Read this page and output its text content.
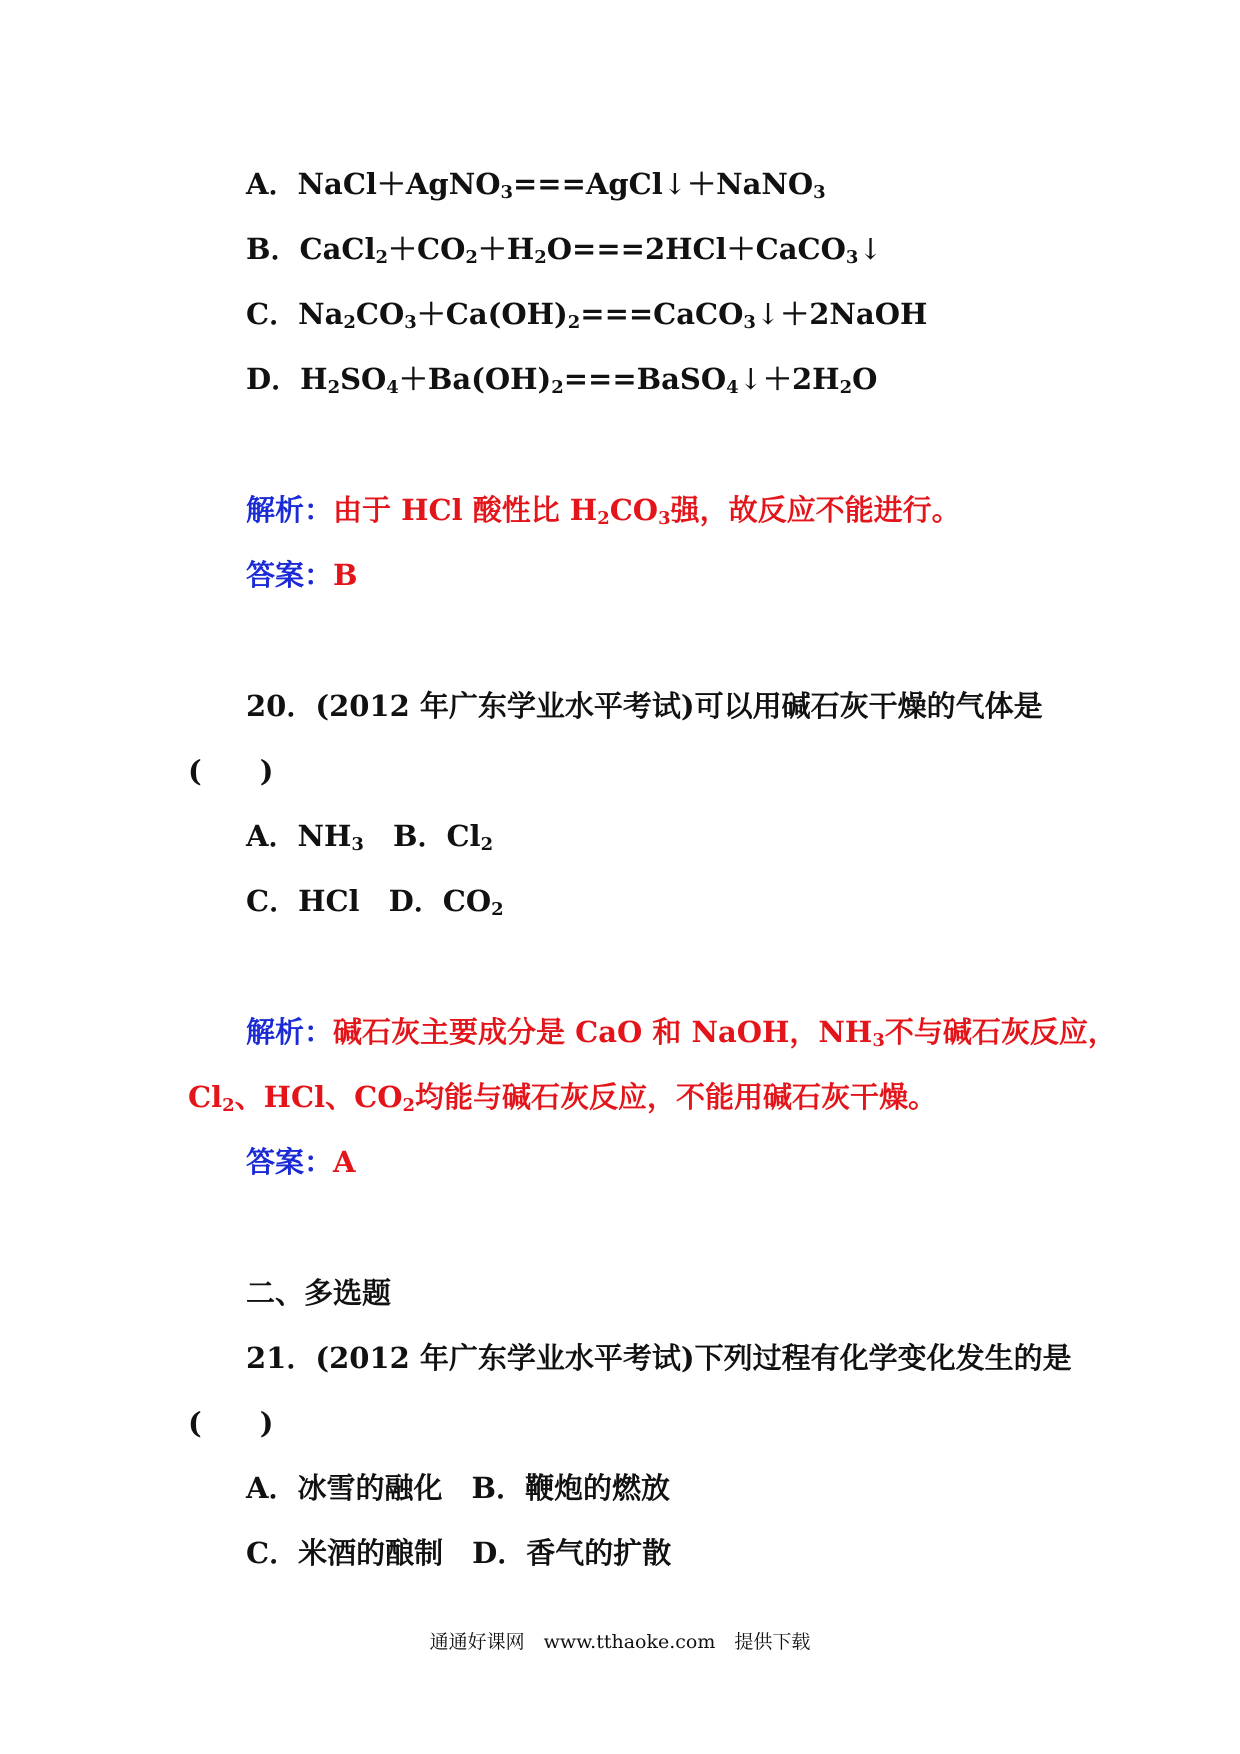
A．NaCl＋AgNO$_3$===AgCl↓＋NaNO$_3$
B．$CaCl_2+CO_2+H_2O===2HCl+CaCO_3↓$
C．$Na_2CO_3+Ca(OH)_2===CaCO_3↓+2NaOH$
D．$H_2SO_4+Ba(OH)_2===BaSO_4↓+2H_2O$
解析：由于 HCl 酸性比 $H_2CO_3$强，故反应不能进行。
答案：B
20．(2012 年广东学业水平考试)可以用碱石灰干燥的气体是
(　　)
A．$NH_3$　 B．$Cl_2$
C．HCl　 D．$CO_2$
解析：碱石灰主要成分是 CaO 和 NaOH，$NH_3$不与碱石灰反应，
$Cl_2$、HCl、$CO_2$均能与碱石灰反应，不能用碱石灰干燥。
答案：A
二、多选题
21．(2012 年广东学业水平考试)下列过程有化学变化发生的是
(　　)
A．冰雪的融化　B．鞭炮的燃放
C．米酒的酿制　D．香气的扩散
通通好课网　www.tthaoke.com　提供下载
